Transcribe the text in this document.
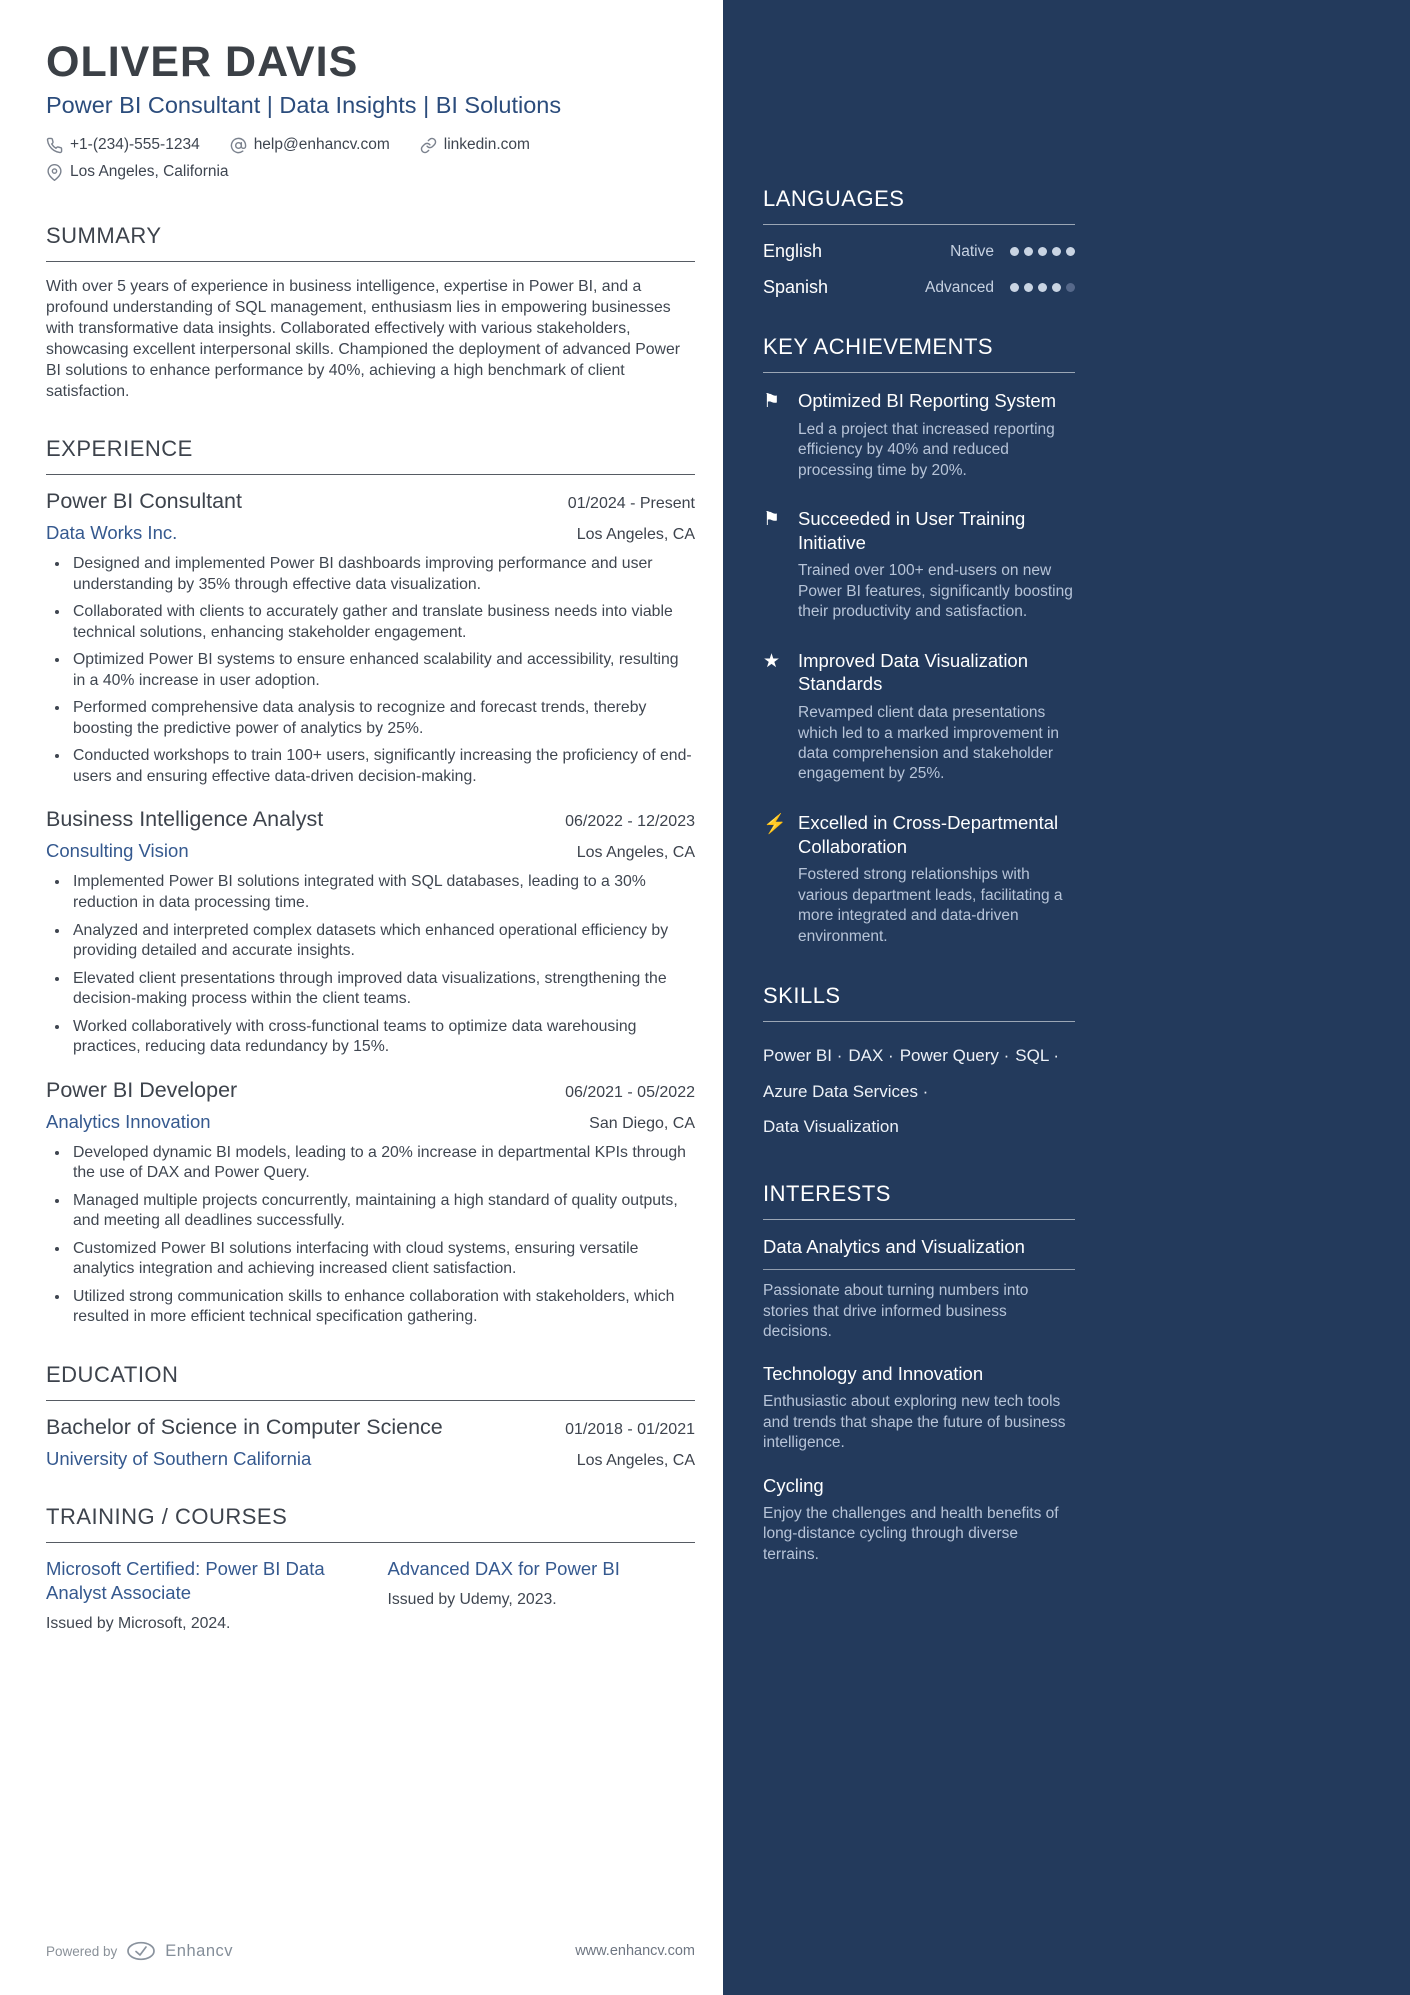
OLIVER DAVIS
Power BI Consultant | Data Insights | BI Solutions
+1-(234)-555-1234	help@enhancv.com	linkedin.com
Los Angeles, California
SUMMARY

With over 5 years of experience in business intelligence, expertise in Power BI, and a profound understanding of SQL management, enthusiasm lies in empowering businesses with transformative data insights. Collaborated effectively with various stakeholders, showcasing excellent interpersonal skills. Championed the deployment of advanced Power BI solutions to enhance performance by 40%, achieving a high benchmark of client satisfaction.

EXPERIENCE
Power BI Consultant	01/2024 - Present
Data Works Inc.	Los Angeles, CA
• Designed and implemented Power BI dashboards improving performance and user understanding by 35% through effective data visualization.
• Collaborated with clients to accurately gather and translate business needs into viable technical solutions, enhancing stakeholder engagement.
• Optimized Power BI systems to ensure enhanced scalability and accessibility, resulting in a 40% increase in user adoption.
• Performed comprehensive data analysis to recognize and forecast trends, thereby boosting the predictive power of analytics by 25%.
• Conducted workshops to train 100+ users, significantly increasing the proficiency of end-users and ensuring effective data-driven decision-making.
Business Intelligence Analyst	06/2022 - 12/2023
Consulting Vision	Los Angeles, CA
• Implemented Power BI solutions integrated with SQL databases, leading to a 30% reduction in data processing time.
• Analyzed and interpreted complex datasets which enhanced operational efficiency by providing detailed and accurate insights.
• Elevated client presentations through improved data visualizations, strengthening the decision-making process within the client teams.
• Worked collaboratively with cross-functional teams to optimize data warehousing practices, reducing data redundancy by 15%.
Power BI Developer	06/2021 - 05/2022
Analytics Innovation	San Diego, CA
• Developed dynamic BI models, leading to a 20% increase in departmental KPIs through the use of DAX and Power Query.
• Managed multiple projects concurrently, maintaining a high standard of quality outputs, and meeting all deadlines successfully.
• Customized Power BI solutions interfacing with cloud systems, ensuring versatile analytics integration and achieving increased client satisfaction.
• Utilized strong communication skills to enhance collaboration with stakeholders, which resulted in more efficient technical specification gathering.
EDUCATION
Bachelor of Science in Computer Science	01/2018 - 01/2021
University of Southern California	Los Angeles, CA
TRAINING / COURSES
Microsoft Certified: Power BI Data Analyst Associate
Issued by Microsoft, 2024.
Advanced DAX for Power BI
Issued by Udemy, 2023.
Powered by	Enhancv	www.enhancv.com
LANGUAGES
English	Native
Spanish	Advanced
KEY ACHIEVEMENTS
⚑ Optimized BI Reporting System
Led a project that increased reporting efficiency by 40% and reduced processing time by 20%.
⚑ Succeeded in User Training Initiative
Trained over 100+ end-users on new Power BI features, significantly boosting their productivity and satisfaction.
★ Improved Data Visualization Standards
Revamped client data presentations which led to a marked improvement in data comprehension and stakeholder engagement by 25%.
⚡ Excelled in Cross-Departmental Collaboration
Fostered strong relationships with various department leads, facilitating a more integrated and data-driven environment.
SKILLS
Power BI · DAX · Power Query · SQL ·Azure Data Services ·Data Visualization
INTERESTS
Data Analytics and Visualization
Passionate about turning numbers into stories that drive informed business decisions.
Technology and Innovation
Enthusiastic about exploring new tech tools and trends that shape the future of business intelligence.
Cycling
Enjoy the challenges and health benefits of long-distance cycling through diverse terrains.
